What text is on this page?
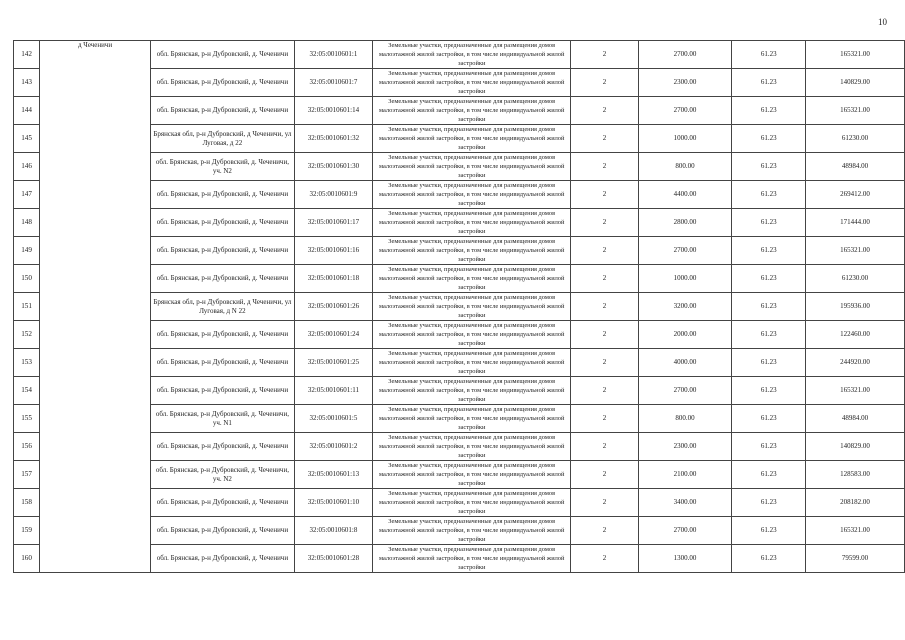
10
142	д Чеченичи	обл. Брянская, р-н Дубровский, д. Чеченичи	32:05:0010601:1	Земельные участки, предназначенные для размещения домов малоэтажной жилой застройки, в том числе индивидуальной жилой застройки	2	2700.00	61.23	165321.00
143		обл. Брянская, р-н Дубровский, д. Чеченичи	32:05:0010601:7	Земельные участки, предназначенные для размещения домов малоэтажной жилой застройки, в том числе индивидуальной жилой застройки	2	2300.00	61.23	140829.00
144		обл. Брянская, р-н Дубровский, д. Чеченичи	32:05:0010601:14	Земельные участки, предназначенные для размещения домов малоэтажной жилой застройки, в том числе индивидуальной жилой застройки	2	2700.00	61.23	165321.00
145		Брянская обл, р-н Дубровский, д Чеченичи, ул Луговая, д 22	32:05:0010601:32	Земельные участки, предназначенные для размещения домов малоэтажной жилой застройки, в том числе индивидуальной жилой застройки	2	1000.00	61.23	61230.00
146		обл. Брянская, р-н Дубровский, д. Чеченичи, уч. N2	32:05:0010601:30	Земельные участки, предназначенные для размещения домов малоэтажной жилой застройки, в том числе индивидуальной жилой застройки	2	800.00	61.23	48984.00
147		обл. Брянская, р-н Дубровский, д. Чеченичи	32:05:0010601:9	Земельные участки, предназначенные для размещения домов малоэтажной жилой застройки, в том числе индивидуальной жилой застройки	2	4400.00	61.23	269412.00
148		обл. Брянская, р-н Дубровский, д. Чеченичи	32:05:0010601:17	Земельные участки, предназначенные для размещения домов малоэтажной жилой застройки, в том числе индивидуальной жилой застройки	2	2800.00	61.23	171444.00
149		обл. Брянская, р-н Дубровский, д. Чеченичи	32:05:0010601:16	Земельные участки, предназначенные для размещения домов малоэтажной жилой застройки, в том числе индивидуальной жилой застройки	2	2700.00	61.23	165321.00
150		обл. Брянская, р-н Дубровский, д. Чеченичи	32:05:0010601:18	Земельные участки, предназначенные для размещения домов малоэтажной жилой застройки, в том числе индивидуальной жилой застройки	2	1000.00	61.23	61230.00
151		Брянская обл, р-н Дубровский, д Чеченичи, ул Луговая, д N 22	32:05:0010601:26	Земельные участки, предназначенные для размещения домов малоэтажной жилой застройки, в том числе индивидуальной жилой застройки	2	3200.00	61.23	195936.00
152		обл. Брянская, р-н Дубровский, д. Чеченичи	32:05:0010601:24	Земельные участки, предназначенные для размещения домов малоэтажной жилой застройки, в том числе индивидуальной жилой застройки	2	2000.00	61.23	122460.00
153		обл. Брянская, р-н Дубровский, д. Чеченичи	32:05:0010601:25	Земельные участки, предназначенные для размещения домов малоэтажной жилой застройки, в том числе индивидуальной жилой застройки	2	4000.00	61.23	244920.00
154		обл. Брянская, р-н Дубровский, д. Чеченичи	32:05:0010601:11	Земельные участки, предназначенные для размещения домов малоэтажной жилой застройки, в том числе индивидуальной жилой застройки	2	2700.00	61.23	165321.00
155		обл. Брянская, р-н Дубровский, д. Чеченичи, уч. N1	32:05:0010601:5	Земельные участки, предназначенные для размещения домов малоэтажной жилой застройки, в том числе индивидуальной жилой застройки	2	800.00	61.23	48984.00
156		обл. Брянская, р-н Дубровский, д. Чеченичи	32:05:0010601:2	Земельные участки, предназначенные для размещения домов малоэтажной жилой застройки, в том числе индивидуальной жилой застройки	2	2300.00	61.23	140829.00
157		обл. Брянская, р-н Дубровский, д. Чеченичи, уч. N2	32:05:0010601:13	Земельные участки, предназначенные для размещения домов малоэтажной жилой застройки, в том числе индивидуальной жилой застройки	2	2100.00	61.23	128583.00
158		обл. Брянская, р-н Дубровский, д. Чеченичи	32:05:0010601:10	Земельные участки, предназначенные для размещения домов малоэтажной жилой застройки, в том числе индивидуальной жилой застройки	2	3400.00	61.23	208182.00
159		обл. Брянская, р-н Дубровский, д. Чеченичи	32:05:0010601:8	Земельные участки, предназначенные для размещения домов малоэтажной жилой застройки, в том числе индивидуальной жилой застройки	2	2700.00	61.23	165321.00
160		обл. Брянская, р-н Дубровский, д. Чеченичи	32:05:0010601:28	Земельные участки, предназначенные для размещения домов малоэтажной жилой застройки, в том числе индивидуальной жилой застройки	2	1300.00	61.23	79599.00
